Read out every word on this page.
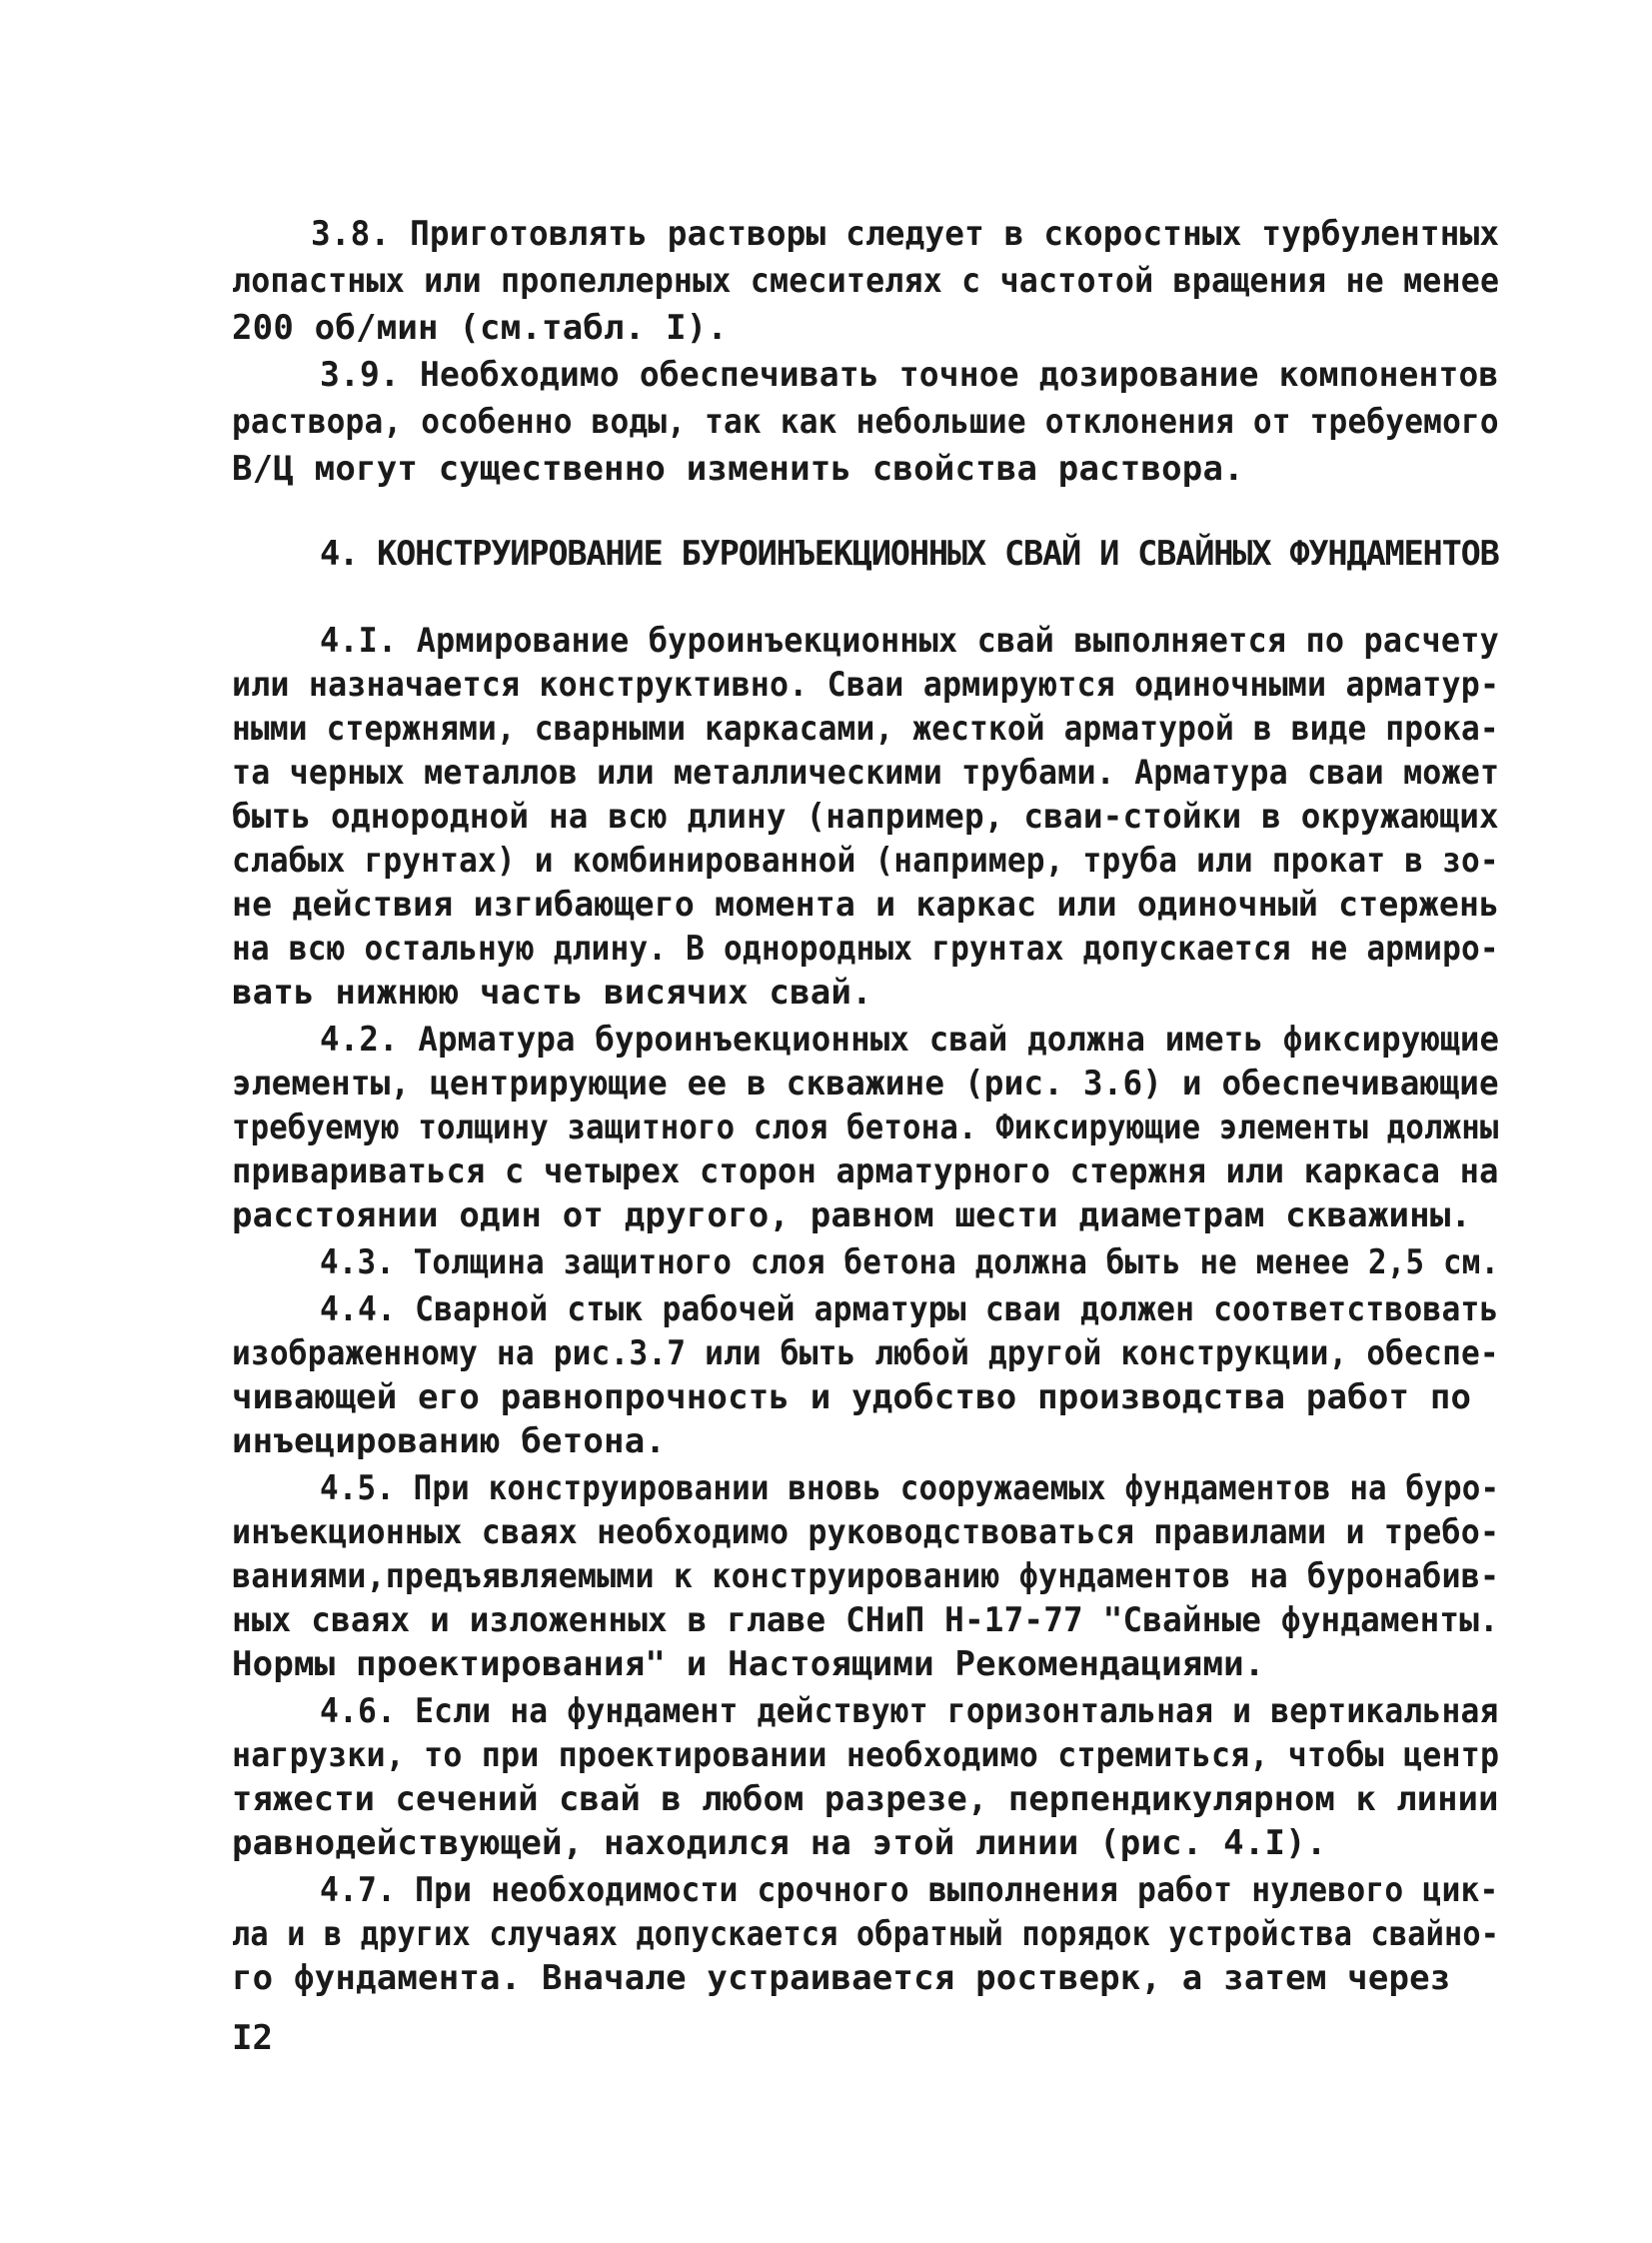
3.8. Приготовлять растворы следует в скоростных турбулентных
лопастных или пропеллерных смесителях с частотой вращения не менее
200 об/мин (см.табл. I).
3.9. Необходимо обеспечивать точное дозирование компонентов
раствора, особенно воды, так как небольшие отклонения от требуемого
В/Ц могут существенно изменить свойства раствора.
4. КОНСТРУИРОВАНИЕ БУРОИНЪЕКЦИОННЫХ СВАЙ И СВАЙНЫХ ФУНДАМЕНТОВ
4.I. Армирование буроинъекционных свай выполняется по расчету
или назначается конструктивно. Сваи армируются одиночными арматур-
ными стержнями, сварными каркасами, жесткой арматурой в виде прока-
та черных металлов или металлическими трубами. Арматура сваи может
быть однородной на всю длину (например, сваи-стойки в окружающих
слабых грунтах) и комбинированной (например, труба или прокат в зо-
не действия изгибающего момента и каркас или одиночный стержень
на всю остальную длину. В однородных грунтах допускается не армиро-
вать нижнюю часть висячих свай.
4.2. Арматура буроинъекционных свай должна иметь фиксирующие
элементы, центрирующие ее в скважине (рис. 3.6) и обеспечивающие
требуемую толщину защитного слоя бетона. Фиксирующие элементы должны
привариваться с четырех сторон арматурного стержня или каркаса на
расстоянии один от другого, равном шести диаметрам скважины.
4.3. Толщина защитного слоя бетона должна быть не менее 2,5 см.
4.4. Сварной стык рабочей арматуры сваи должен соответствовать
изображенному на рис.3.7 или быть любой другой конструкции, обеспе-
чивающей его равнопрочность и удобство производства работ по
инъецированию бетона.
4.5. При конструировании вновь сооружаемых фундаментов на буро-
инъекционных сваях необходимо руководствоваться правилами и требо-
ваниями,предъявляемыми к конструированию фундаментов на буронабив-
ных сваях и изложенных в главе СНиП Н-17-77 "Свайные фундаменты.
Нормы проектирования" и Настоящими Рекомендациями.
4.6. Если на фундамент действуют горизонтальная и вертикальная
нагрузки, то при проектировании необходимо стремиться, чтобы центр
тяжести сечений свай в любом разрезе, перпендикулярном к линии
равнодействующей, находился на этой линии (рис. 4.I).
4.7. При необходимости срочного выполнения работ нулевого цик-
ла и в других случаях допускается обратный порядок устройства свайно-
го фундамента. Вначале устраивается ростверк, а затем через
I2
